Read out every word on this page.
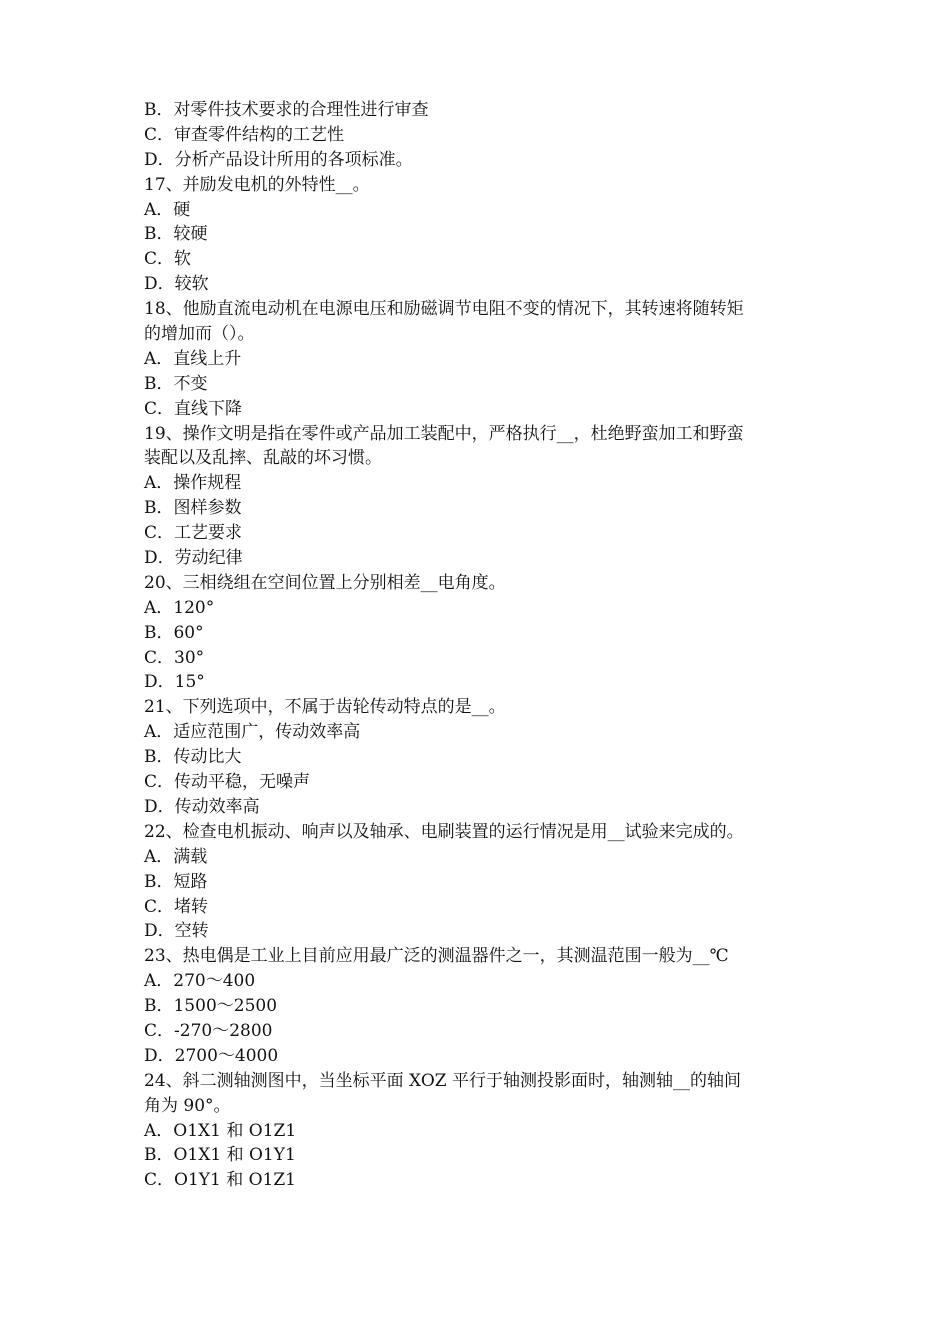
B．对零件技术要求的合理性进行审查
C．审查零件结构的工艺性
D．分析产品设计所用的各项标准。
17、并励发电机的外特性__。
A．硬
B．较硬
C．软
D．较软
18、他励直流电动机在电源电压和励磁调节电阻不变的情况下，其转速将随转矩
的增加而（）。
A．直线上升
B．不变
C．直线下降
19、操作文明是指在零件或产品加工装配中，严格执行__，杜绝野蛮加工和野蛮
装配以及乱摔、乱敲的坏习惯。
A．操作规程
B．图样参数
C．工艺要求
D．劳动纪律
20、三相绕组在空间位置上分别相差__电角度。
A．120°
B．60°
C．30°
D．15°
21、下列选项中，不属于齿轮传动特点的是__。
A．适应范围广，传动效率高
B．传动比大
C．传动平稳，无噪声
D．传动效率高
22、检查电机振动、响声以及轴承、电刷装置的运行情况是用__试验来完成的。
A．满载
B．短路
C．堵转
D．空转
23、热电偶是工业上目前应用最广泛的测温器件之一，其测温范围一般为__℃
A．270～400
B．1500～2500
C．-270～2800
D．2700～4000
24、斜二测轴测图中，当坐标平面 XOZ 平行于轴测投影面时，轴测轴__的轴间
角为 90°。
A．O1X1 和 O1Z1
B．O1X1 和 O1Y1
C．O1Y1 和 O1Z1
